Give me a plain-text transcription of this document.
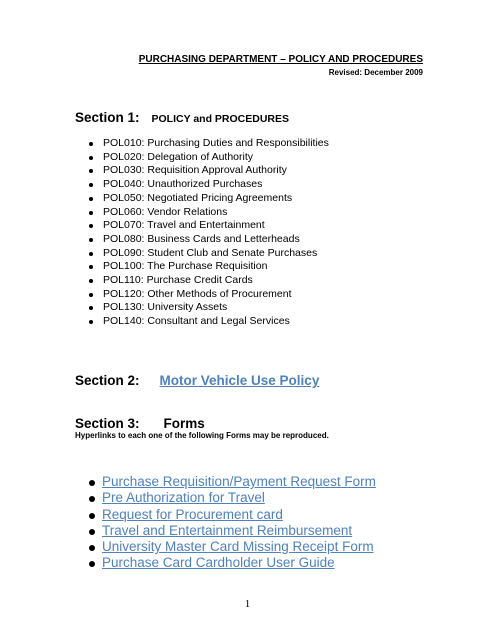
PURCHASING DEPARTMENT – POLICY AND PROCEDURES
Revised: December 2009
Section 1: POLICY and PROCEDURES
POL010: Purchasing Duties and Responsibilities
POL020: Delegation of Authority
POL030: Requisition Approval Authority
POL040: Unauthorized Purchases
POL050: Negotiated Pricing Agreements
POL060: Vendor Relations
POL070: Travel and Entertainment
POL080: Business Cards and Letterheads
POL090: Student Club and Senate Purchases
POL100: The Purchase Requisition
POL110: Purchase Credit Cards
POL120: Other Methods of Procurement
POL130: University Assets
POL140: Consultant and Legal Services
Section 2: Motor Vehicle Use Policy
Section 3: Forms
Hyperlinks to each one of the following Forms may be reproduced.
Purchase Requisition/Payment Request Form
Pre Authorization for Travel
Request for Procurement card
Travel and Entertainment Reimbursement
University Master Card Missing Receipt Form
Purchase Card Cardholder User Guide
1
